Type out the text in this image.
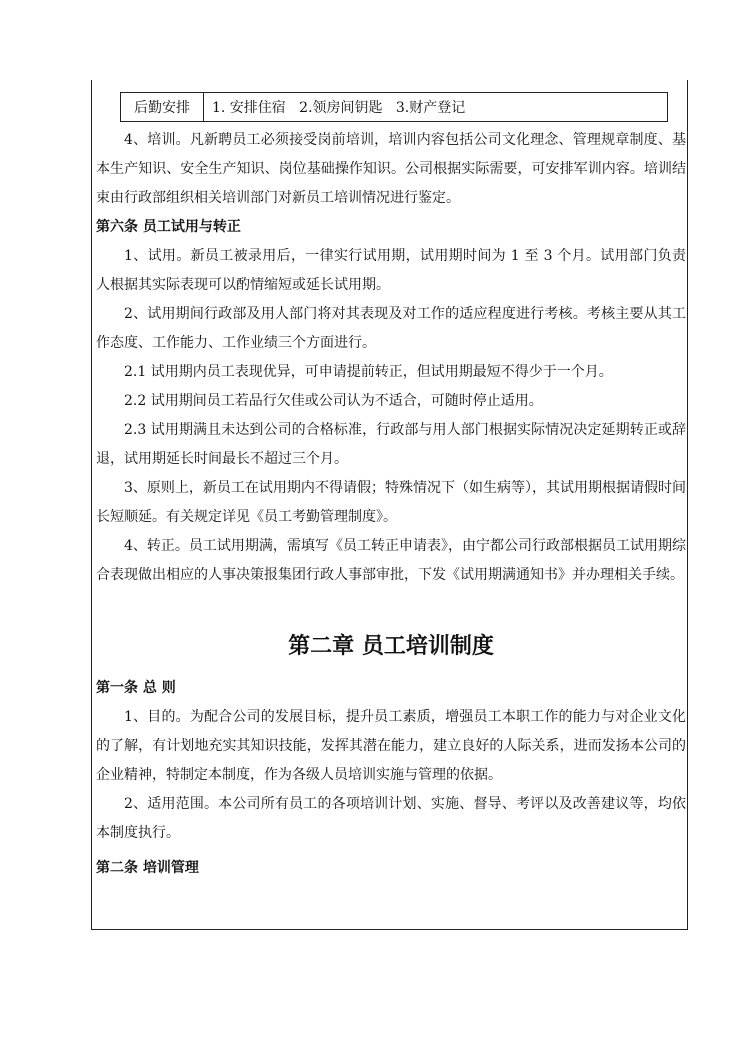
后勤安排	1. 安排住宿   2.领房间钥匙   3.财产登记

4、培训。凡新聘员工必须接受岗前培训，培训内容包括公司文化理念、管理规章制度、基本生产知识、安全生产知识、岗位基础操作知识。公司根据实际需要，可安排军训内容。培训结束由行政部组织相关培训部门对新员工培训情况进行鉴定。

第六条 员工试用与转正

1、试用。新员工被录用后，一律实行试用期，试用期时间为 1 至 3 个月。试用部门负责人根据其实际表现可以酌情缩短或延长试用期。

2、试用期间行政部及用人部门将对其表现及对工作的适应程度进行考核。考核主要从其工作态度、工作能力、工作业绩三个方面进行。

2.1 试用期内员工表现优异，可申请提前转正，但试用期最短不得少于一个月。

2.2 试用期间员工若品行欠佳或公司认为不适合，可随时停止适用。

2.3 试用期满且未达到公司的合格标准，行政部与用人部门根据实际情况决定延期转正或辞退，试用期延长时间最长不超过三个月。

3、原则上，新员工在试用期内不得请假；特殊情况下（如生病等），其试用期根据请假时间长短顺延。有关规定详见《员工考勤管理制度》。

4、转正。员工试用期满，需填写《员工转正申请表》，由宁都公司行政部根据员工试用期综合表现做出相应的人事决策报集团行政人事部审批，下发《试用期满通知书》并办理相关手续。

第二章 员工培训制度
第一条 总 则

1、目的。为配合公司的发展目标，提升员工素质，增强员工本职工作的能力与对企业文化的了解，有计划地充实其知识技能，发挥其潜在能力，建立良好的人际关系，进而发扬本公司的企业精神，特制定本制度，作为各级人员培训实施与管理的依据。

2、适用范围。本公司所有员工的各项培训计划、实施、督导、考评以及改善建议等，均依本制度执行。

第二条 培训管理
